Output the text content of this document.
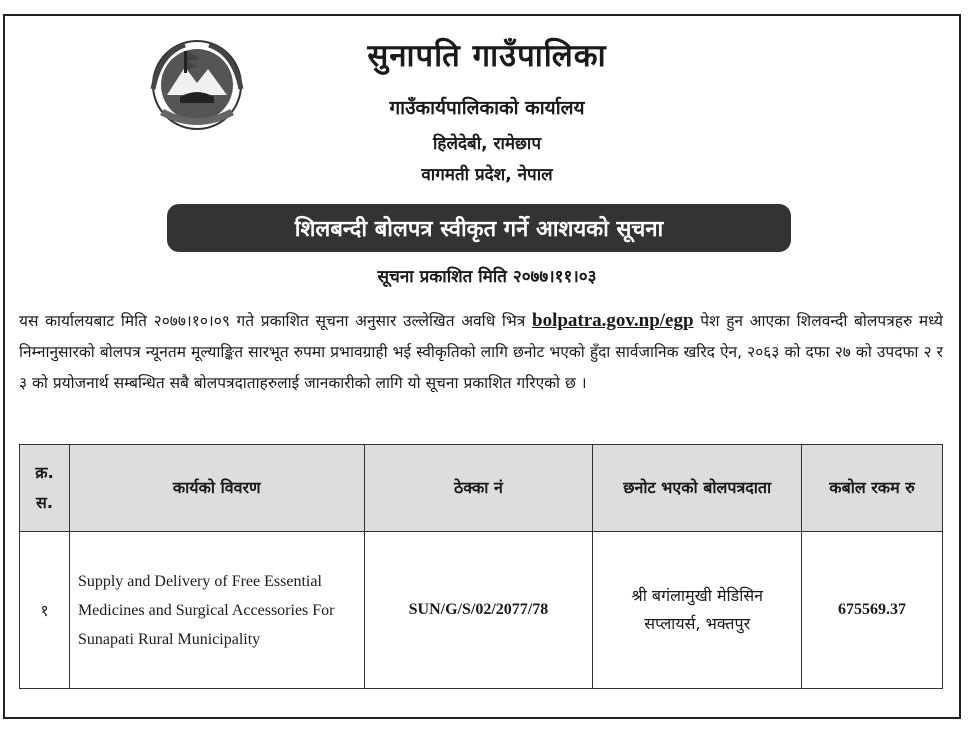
सुनापति गाउँपालिका
गाउँकार्यपालिकाको कार्यालय
हिलेदेबी, रामेछाप
वागमती प्रदेश, नेपाल
शिलबन्दी बोलपत्र स्वीकृत गर्ने आशयको सूचना
सूचना प्रकाशित मिति २०७७।११।०३

यस कार्यालयबाट मिति २०७७।१०।०९ गते प्रकाशित सूचना अनुसार उल्लेखित अवधि भित्र bolpatra.gov.np/egp पेश हुन आएका शिलवन्दी बोलपत्रहरु मध्ये निम्नानुसारको बोलपत्र न्यूनतम मूल्याङ्कित सारभूत रुपमा प्रभावग्राही भई स्वीकृतिको लागि छनोट भएको हुँदा सार्वजानिक खरिद ऐन, २०६३ को दफा २७ को उपदफा २ र ३ को प्रयोजनार्थ सम्बन्धित सबै बोलपत्रदाताहरुलाई जानकारीको लागि यो सूचना प्रकाशित गरिएको छ ।

क्र. स.	कार्यको विवरण	ठेक्का नं	छनोट भएको बोलपत्रदाता	कबोल रकम रु
१	Supply and Delivery of Free Essential Medicines and Surgical Accessories For Sunapati Rural Municipality	SUN/G/S/02/2077/78	श्री बगंलामुखी मेडिसिन सप्लायर्स, भक्तपुर	675569.37
